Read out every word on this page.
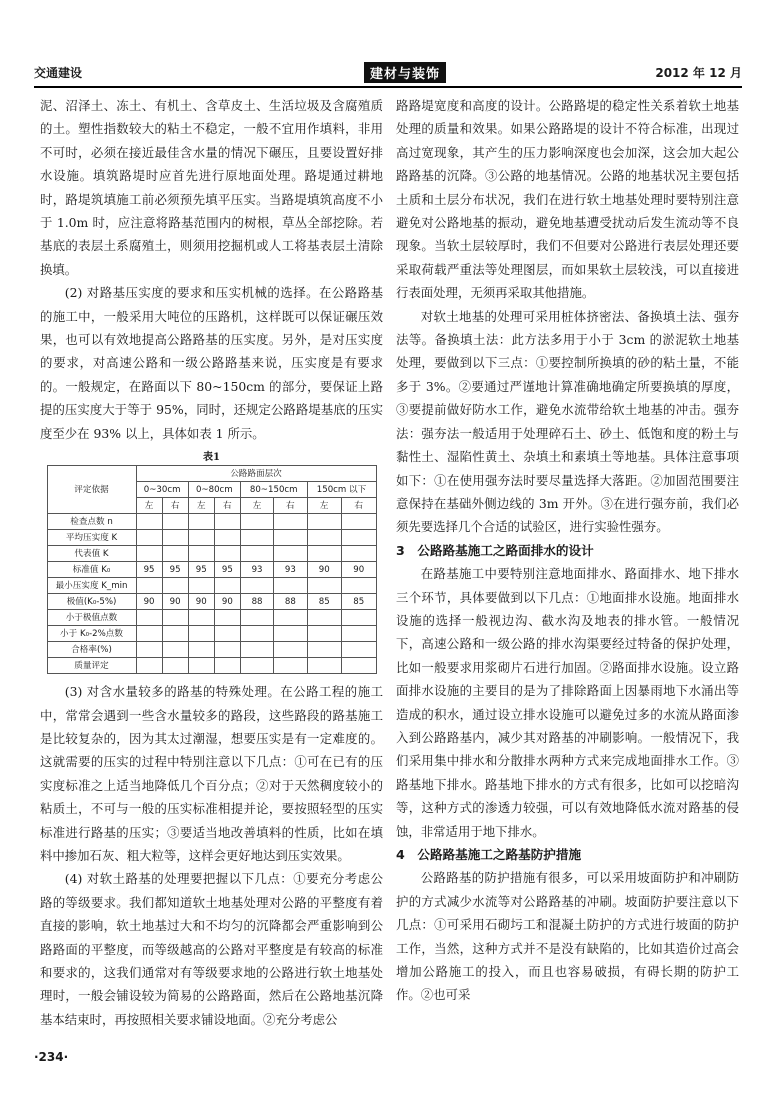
交通建设	建材与装饰	2012 年 12 月

泥、沼泽土、冻土、有机土、含草皮土、生活垃圾及含腐殖质的土。塑性指数较大的粘土不稳定，一般不宜用作填料，非用不可时，必须在接近最佳含水量的情况下碾压，且要设置好排水设施。填筑路堤时应首先进行原地面处理。路堤通过耕地时，路堤筑填施工前必须预先填平压实。当路堤填筑高度不小于 1.0m 时，应注意将路基范围内的树根，草丛全部挖除。若基底的表层土系腐殖土，则须用挖掘机或人工将基表层土清除换填。

(2) 对路基压实度的要求和压实机械的选择。在公路路基的施工中，一般采用大吨位的压路机，这样既可以保证碾压效果，也可以有效地提高公路路基的压实度。另外，是对压实度的要求，对高速公路和一级公路路基来说，压实度是有要求的。一般规定，在路面以下 80~150cm 的部分，要保证上路提的压实度大于等于 95%，同时，还规定公路路堤基底的压实度至少在 93% 以上，具体如表 1 所示。

表1
评定依据	公路路面层次							
	0~30cm		0~80cm		80~150cm		150cm 以下	
	左	右	左	右	左	右	左	右
检查点数 n								
平均压实度 K								
代表值 K								
标准值 K₀	95	95	95	95	93	93	90	90
最小压实度 K_min								
极值(K₀-5%)	90	90	90	90	88	88	85	85
小于极值点数								
小于 K₀-2%点数								
合格率(%)								
质量评定								

(3) 对含水量较多的路基的特殊处理。在公路工程的施工中，常常会遇到一些含水量较多的路段，这些路段的路基施工是比较复杂的，因为其太过潮湿，想要压实是有一定难度的。这就需要的压实的过程中特别注意以下几点：①可在已有的压实度标准之上适当地降低几个百分点；②对于天然稠度较小的粘质土，不可与一般的压实标准相提并论，要按照轻型的压实标准进行路基的压实；③要适当地改善填料的性质，比如在填料中掺加石灰、粗大粒等，这样会更好地达到压实效果。

(4) 对软土路基的处理要把握以下几点：①要充分考虑公路的等级要求。我们都知道软土地基处理对公路的平整度有着直接的影响，软土地基过大和不均匀的沉降都会严重影响到公路路面的平整度，而等级越高的公路对平整度是有较高的标准和要求的，这我们通常对有等级要求地的公路进行软土地基处理时，一般会铺设较为简易的公路路面，然后在公路地基沉降基本结束时，再按照相关要求铺设地面。②充分考虑公

路路堤宽度和高度的设计。公路路堤的稳定性关系着软土地基处理的质量和效果。如果公路路堤的设计不符合标准，出现过高过宽现象，其产生的压力影响深度也会加深，这会加大起公路路基的沉降。③公路的地基情况。公路的地基状况主要包括土质和土层分布状况，我们在进行软土地基处理时要特别注意避免对公路地基的振动，避免地基遭受扰动后发生流动等不良现象。当软土层较厚时，我们不但要对公路进行表层处理还要采取荷载严重法等处理图层，而如果软土层较浅，可以直接进行表面处理，无须再采取其他措施。

对软土地基的处理可采用桩体挤密法、备换填土法、强夯法等。备换填土法：此方法多用于小于 3cm 的淤泥软土地基处理，要做到以下三点：①要控制所换填的砂的粘土量，不能多于 3%。②要通过严谨地计算准确地确定所要换填的厚度，③要提前做好防水工作，避免水流带给软土地基的冲击。强夯法：强夯法一般适用于处理碎石土、砂土、低饱和度的粉土与黏性土、湿陷性黄土、杂填土和素填土等地基。具体注意事项如下：①在使用强夯法时要尽量选择大落距。②加固范围要注意保持在基础外侧边线的 3m 开外。③在进行强夯前，我们必须先要选择几个合适的试验区，进行实验性强夯。

3　公路路基施工之路面排水的设计

在路基施工中要特别注意地面排水、路面排水、地下排水三个环节，具体要做到以下几点：①地面排水设施。地面排水设施的选择一般视边沟、截水沟及地表的排水管。一般情况下，高速公路和一级公路的排水沟渠要经过特备的保护处理，比如一般要求用浆砌片石进行加固。②路面排水设施。设立路面排水设施的主要目的是为了排除路面上因暴雨地下水涌出等造成的积水，通过设立排水设施可以避免过多的水流从路面渗入到公路路基内，减少其对路基的冲刷影响。一般情况下，我们采用集中排水和分散排水两种方式来完成地面排水工作。③路基地下排水。路基地下排水的方式有很多，比如可以挖暗沟等，这种方式的渗透力较强，可以有效地降低水流对路基的侵蚀，非常适用于地下排水。

4　公路路基施工之路基防护措施

公路路基的防护措施有很多，可以采用坡面防护和冲刷防护的方式减少水流等对公路路基的冲刷。坡面防护要注意以下几点：①可采用石砌圬工和混凝土防护的方式进行坡面的防护工作，当然，这种方式并不是没有缺陷的，比如其造价过高会增加公路施工的投入，而且也容易破损，有碍长期的防护工作。②也可采

·234·
